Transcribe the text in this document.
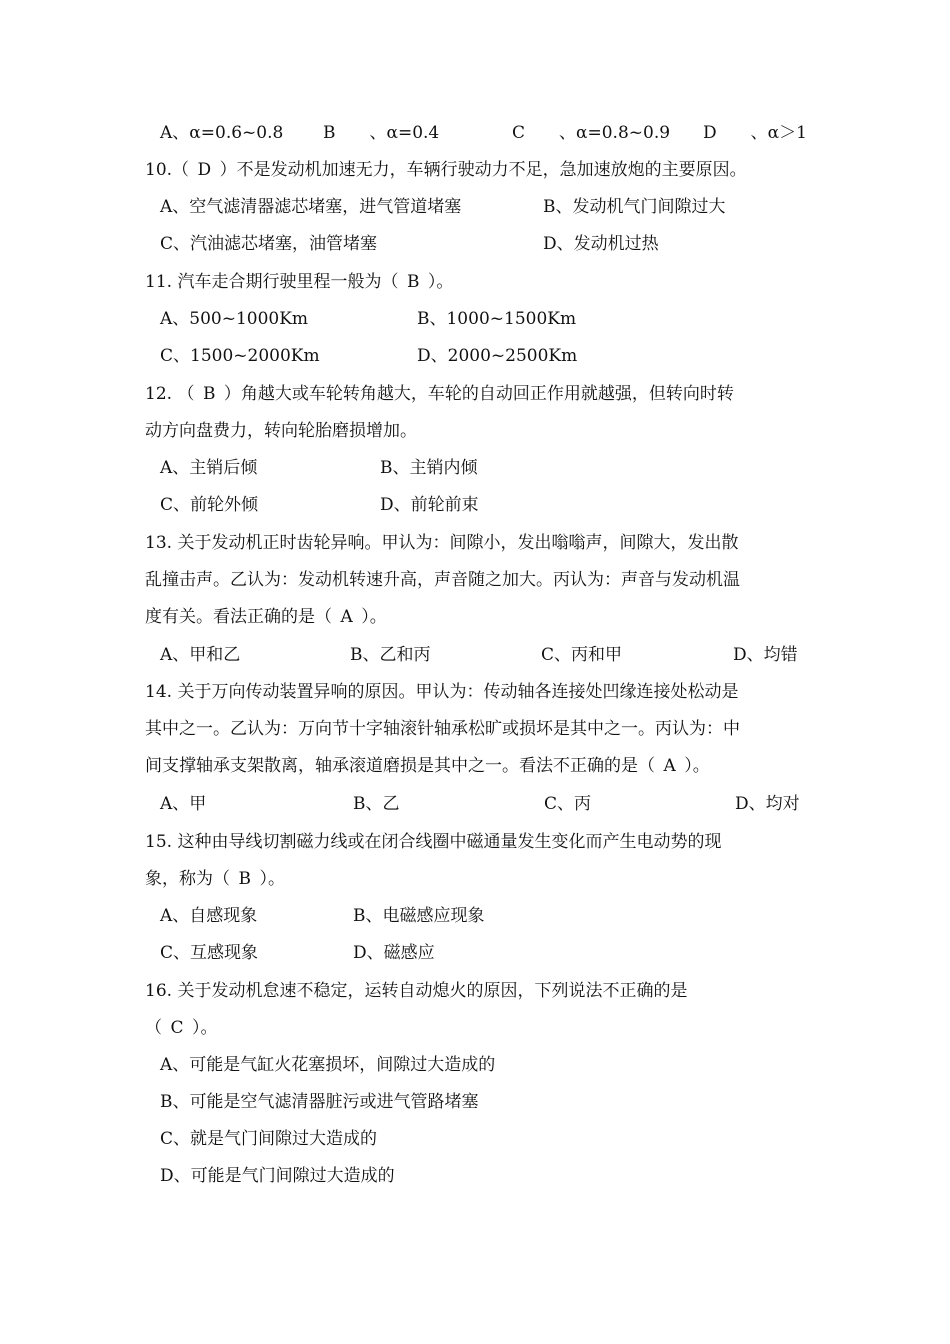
A、α=0.6~0.8 B　　、α=0.4	C　　、α=0.8~0.9 D　　、α＞1
10.（ D ）不是发动机加速无力，车辆行驶动力不足，急加速放炮的主要原因。
A、空气滤清器滤芯堵塞，进气管道堵塞	B、发动机气门间隙过大
C、汽油滤芯堵塞，油管堵塞	D、发动机过热
11. 汽车走合期行驶里程一般为（ B ）。
A、500~1000Km	B、1000~1500Km
C、1500~2000Km	D、2000~2500Km
12. （ B ）角越大或车轮转角越大，车轮的自动回正作用就越强，但转向时转
动方向盘费力，转向轮胎磨损增加。
A、主销后倾	B、主销内倾
C、前轮外倾	D、前轮前束
13. 关于发动机正时齿轮异响。甲认为：间隙小，发出嗡嗡声，间隙大，发出散
乱撞击声。乙认为：发动机转速升高，声音随之加大。丙认为：声音与发动机温
度有关。看法正确的是（ A ）。
A、甲和乙	B、乙和丙	C、丙和甲	D、均错
14. 关于万向传动装置异响的原因。甲认为：传动轴各连接处凹缘连接处松动是
其中之一。乙认为：万向节十字轴滚针轴承松旷或损坏是其中之一。丙认为：中
间支撑轴承支架散离，轴承滚道磨损是其中之一。看法不正确的是（ A ）。
A、甲	B、乙	C、丙	D、均对
15. 这种由导线切割磁力线或在闭合线圈中磁通量发生变化而产生电动势的现
象，称为（ B ）。
A、自感现象	B、电磁感应现象
C、互感现象	D、磁感应
16. 关于发动机怠速不稳定，运转自动熄火的原因，下列说法不正确的是
（ C ）。
A、可能是气缸火花塞损坏，间隙过大造成的
B、可能是空气滤清器脏污或进气管路堵塞
C、就是气门间隙过大造成的
D、可能是气门间隙过大造成的
